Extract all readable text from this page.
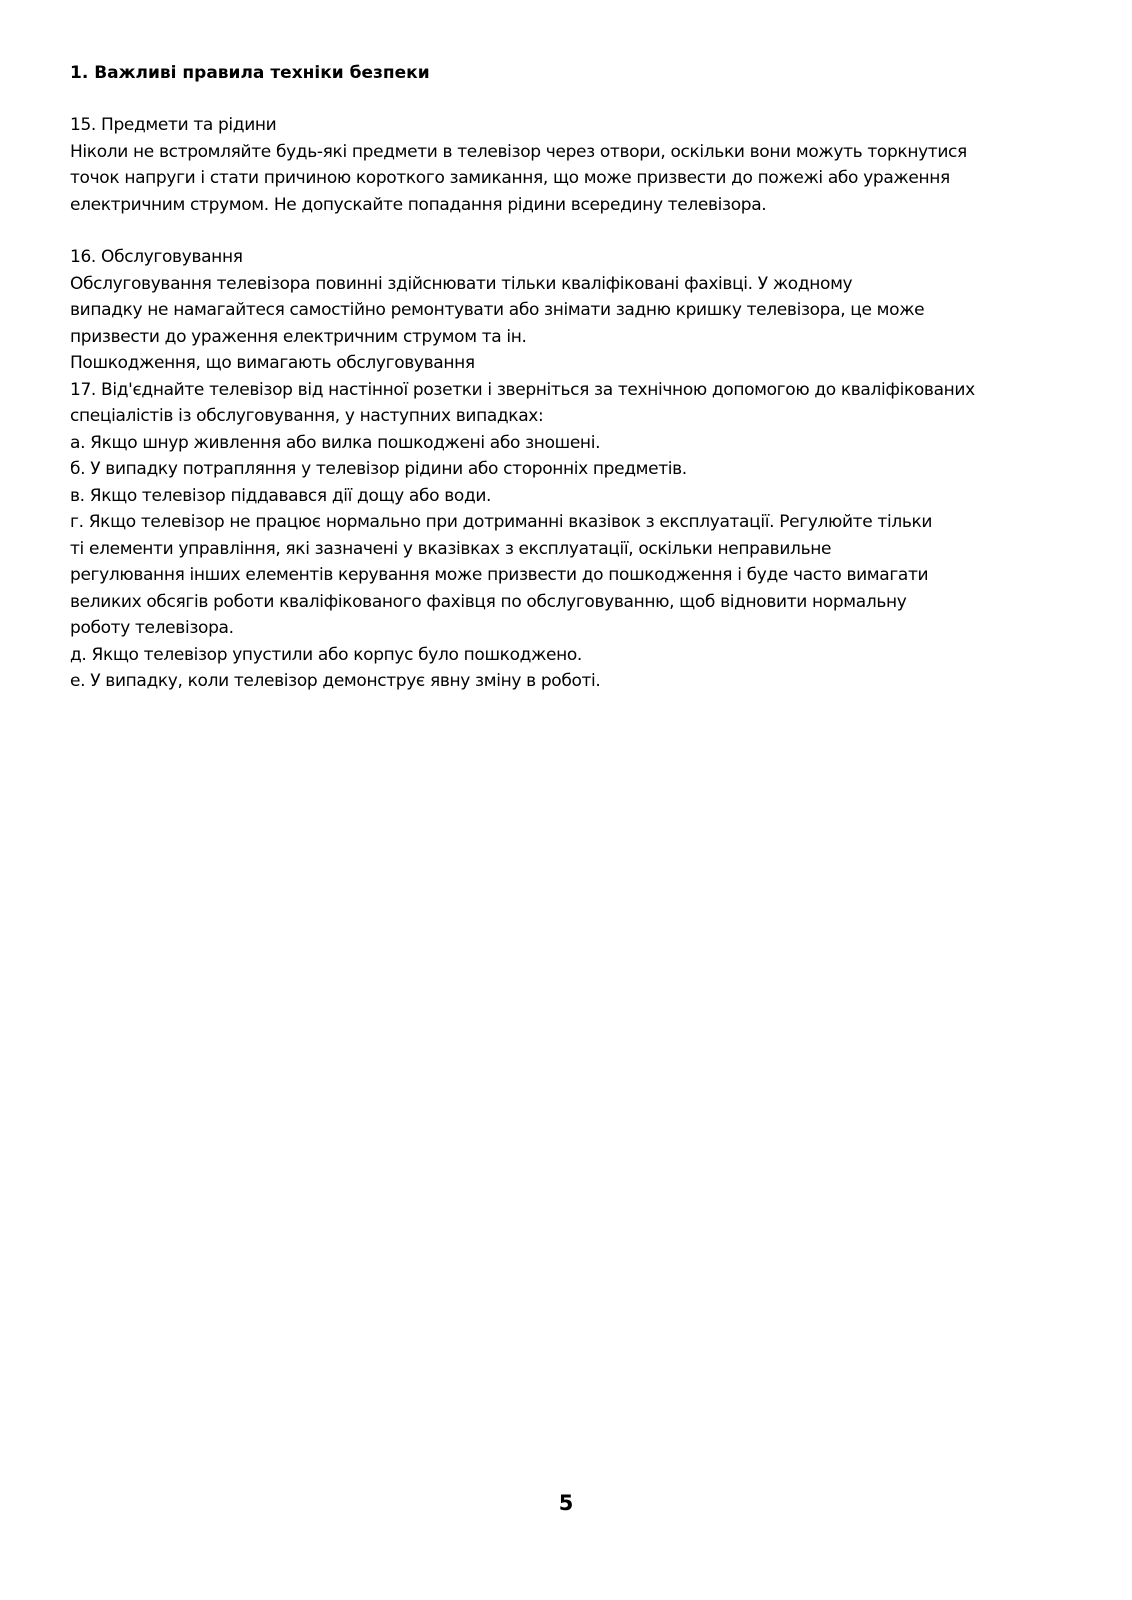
1. Важливі правила техніки безпеки
15. Предмети та рідини
Ніколи не встромляйте будь-які предмети в телевізор через отвори, оскільки вони можуть торкнутися
точок напруги і стати причиною короткого замикання, що може призвести до пожежі або ураження
електричним струмом. Не допускайте попадання рідини всередину телевізора.
16. Обслуговування
Обслуговування телевізора повинні здійснювати тільки кваліфіковані фахівці. У жодному
випадку не намагайтеся самостійно ремонтувати або знімати задню кришку телевізора, це може
призвести до ураження електричним струмом та ін.
Пошкодження, що вимагають обслуговування
17. Від'єднайте телевізор від настінної розетки і зверніться за технічною допомогою до кваліфікованих
спеціалістів із обслуговування, у наступних випадках:
а. Якщо шнур живлення або вилка пошкоджені або зношені.
б. У випадку потрапляння у телевізор рідини або сторонніх предметів.
в. Якщо телевізор піддавався дії дощу або води.
г. Якщо телевізор не працює нормально при дотриманні вказівок з експлуатації. Регулюйте тільки
ті елементи управління, які зазначені у вказівках з експлуатації, оскільки неправильне
регулювання інших елементів керування може призвести до пошкодження і буде часто вимагати
великих обсягів роботи кваліфікованого фахівця по обслуговуванню, щоб відновити нормальну
роботу телевізора.
д. Якщо телевізор упустили або корпус було пошкоджено.
е. У випадку, коли телевізор демонструє явну зміну в роботі.
5
